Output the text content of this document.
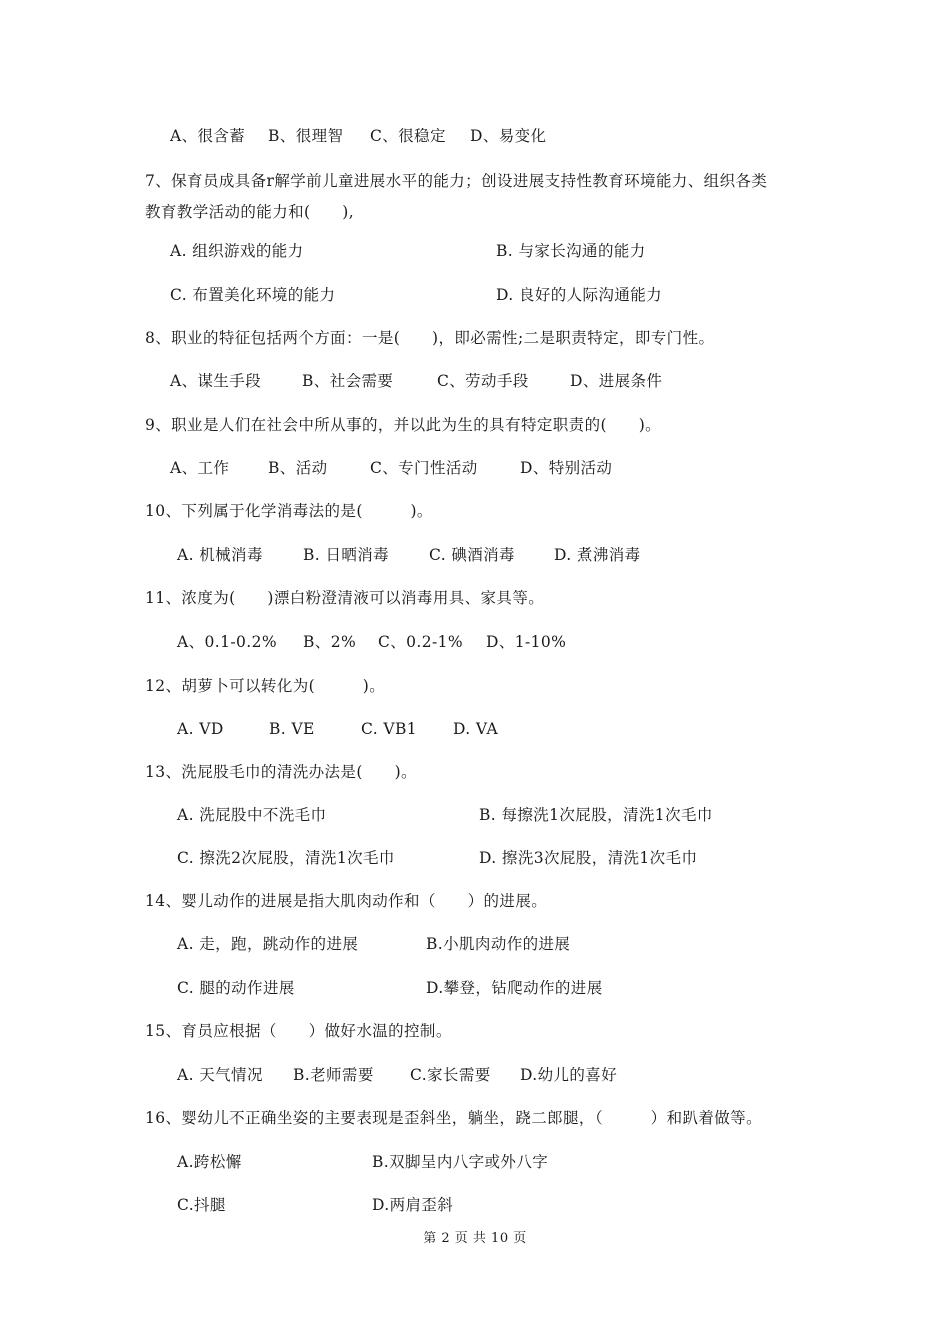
A、很含蓄 B、很理智 C、很稳定 D、易变化
7、保育员成具备r解学前儿童进展水平的能力；创设进展支持性教育环境能力、组织各类
教育教学活动的能力和(　　),
A. 组织游戏的能力	B. 与家长沟通的能力
C. 布置美化环境的能力	D. 良好的人际沟通能力
8、职业的特征包括两个方面：一是(　　)，即必需性;二是职责特定，即专门性。
A、谋生手段	B、社会需要	C、劳动手段	D、进展条件
9、职业是人们在社会中所从事的，并以此为生的具有特定职责的(　　)。
A、工作 B、活动	C、专门性活动	D、特别活动
10、下列属于化学消毒法的是(　　　)。
A. 机械消毒	B. 日晒消毒	C. 碘酒消毒	D. 煮沸消毒
11、浓度为(　　)漂白粉澄清液可以消毒用具、家具等。
A、0.1-0.2% B、2% C、0.2-1% D、1-10%
12、胡萝卜可以转化为(　　　)。
A. VD	B. VE	C. VB1 D. VA
13、洗屁股毛巾的清洗办法是(　　)。
A. 洗屁股中不洗毛巾	B. 每擦洗1次屁股，清洗1次毛巾
C. 擦洗2次屁股，清洗1次毛巾	D. 擦洗3次屁股，清洗1次毛巾
14、婴儿动作的进展是指大肌肉动作和（　　）的进展。
A. 走，跑，跳动作的进展	B.小肌肉动作的进展
C. 腿的动作进展	D.攀登，钻爬动作的进展
15、育员应根据（　　）做好水温的控制。
A. 天气情况 B.老师需要 C.家长需要 D.幼儿的喜好
16、婴幼儿不正确坐姿的主要表现是歪斜坐，躺坐，跷二郎腿，（　　　）和趴着做等。
A.跨松懈	B.双脚呈内八字或外八字
C.抖腿	D.两肩歪斜
第 2 页 共 10 页
